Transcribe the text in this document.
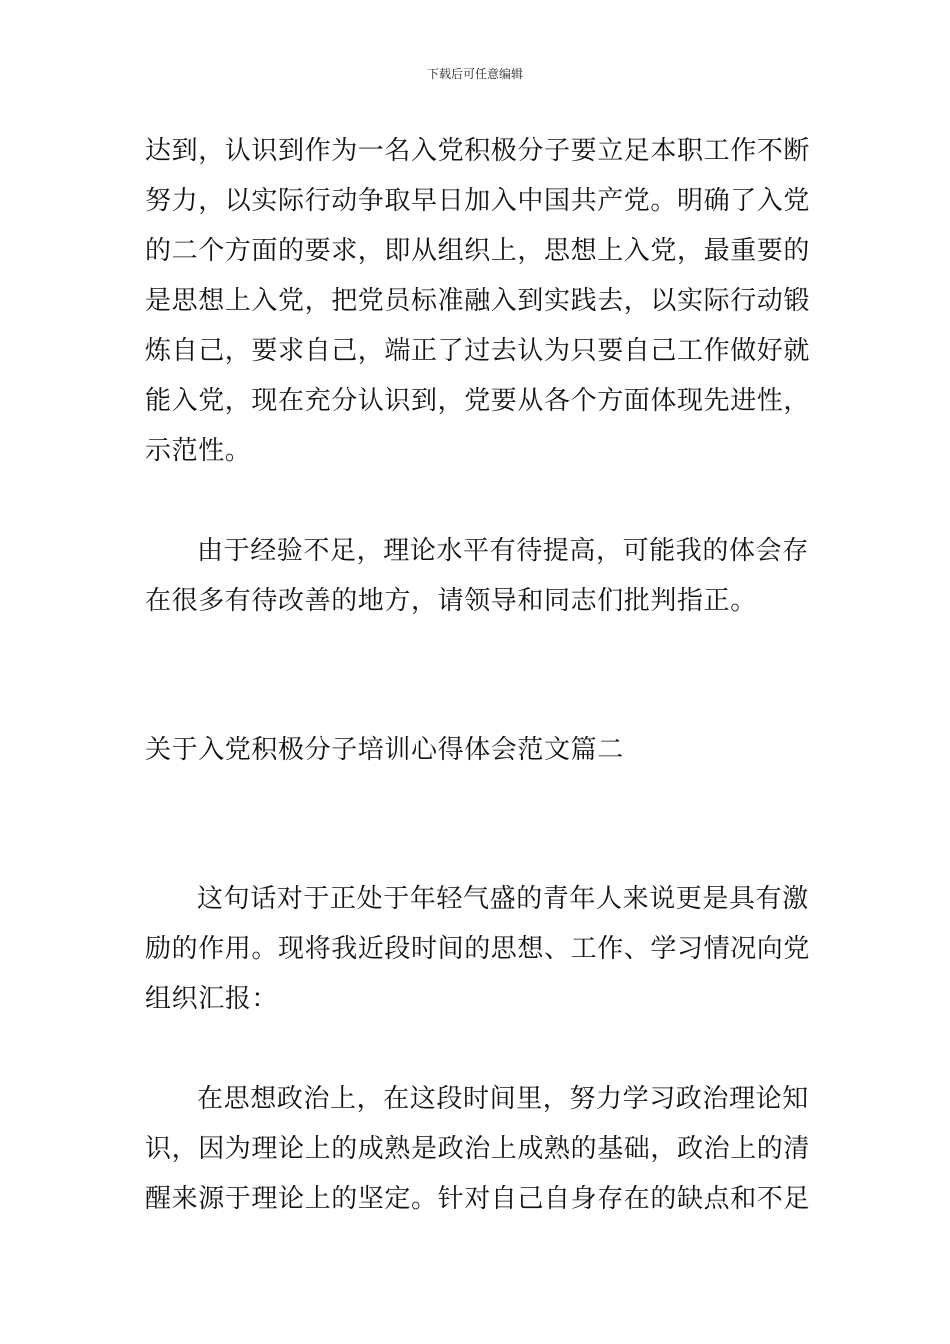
下载后可任意编辑
达到，认识到作为一名入党积极分子要立足本职工作不断
努力，以实际行动争取早日加入中国共产党。明确了入党
的二个方面的要求，即从组织上，思想上入党，最重要的
是思想上入党，把党员标准融入到实践去，以实际行动锻
炼自己，要求自己，端正了过去认为只要自己工作做好就
能入党，现在充分认识到，党要从各个方面体现先进性，
示范性。
由于经验不足，理论水平有待提高，可能我的体会存
在很多有待改善的地方，请领导和同志们批判指正。
关于入党积极分子培训心得体会范文篇二
这句话对于正处于年轻气盛的青年人来说更是具有激
励的作用。现将我近段时间的思想、工作、学习情况向党
组织汇报：
在思想政治上，在这段时间里，努力学习政治理论知
识，因为理论上的成熟是政治上成熟的基础，政治上的清
醒来源于理论上的坚定。针对自己自身存在的缺点和不足
